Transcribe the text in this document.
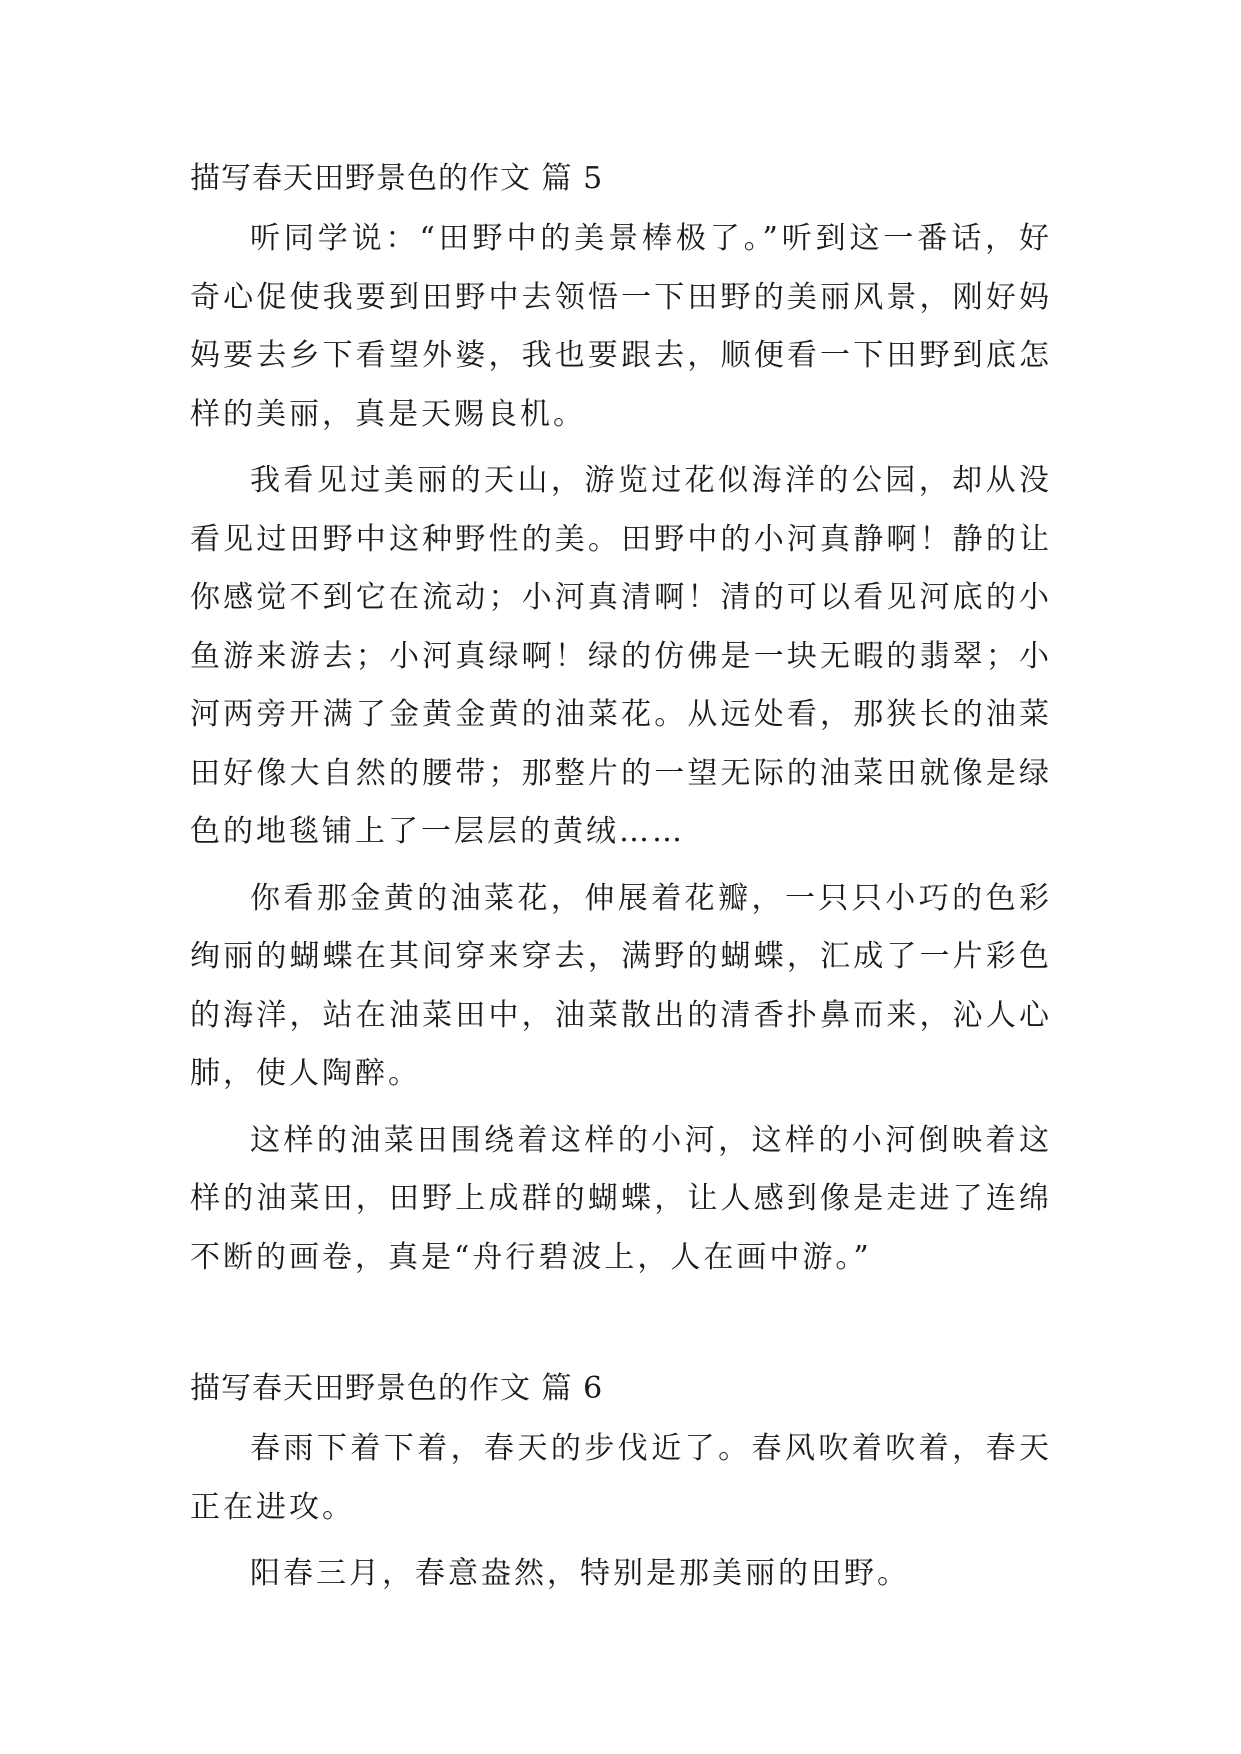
描写春天田野景色的作文 篇 5

听同学说：“田野中的美景棒极了。”听到这一番话，好奇心促使我要到田野中去领悟一下田野的美丽风景，刚好妈妈要去乡下看望外婆，我也要跟去，顺便看一下田野到底怎样的美丽，真是天赐良机。

我看见过美丽的天山，游览过花似海洋的公园，却从没看见过田野中这种野性的美。田野中的小河真静啊！静的让你感觉不到它在流动；小河真清啊！清的可以看见河底的小鱼游来游去；小河真绿啊！绿的仿佛是一块无暇的翡翠；小河两旁开满了金黄金黄的油菜花。从远处看，那狭长的油菜田好像大自然的腰带；那整片的一望无际的油菜田就像是绿色的地毯铺上了一层层的黄绒……

你看那金黄的油菜花，伸展着花瓣，一只只小巧的色彩绚丽的蝴蝶在其间穿来穿去，满野的蝴蝶，汇成了一片彩色的海洋，站在油菜田中，油菜散出的清香扑鼻而来，沁人心肺，使人陶醉。

这样的油菜田围绕着这样的小河，这样的小河倒映着这样的油菜田，田野上成群的蝴蝶，让人感到像是走进了连绵不断的画卷，真是“舟行碧波上，人在画中游。”

描写春天田野景色的作文 篇 6

春雨下着下着，春天的步伐近了。春风吹着吹着，春天正在进攻。

阳春三月，春意盎然，特别是那美丽的田野。
